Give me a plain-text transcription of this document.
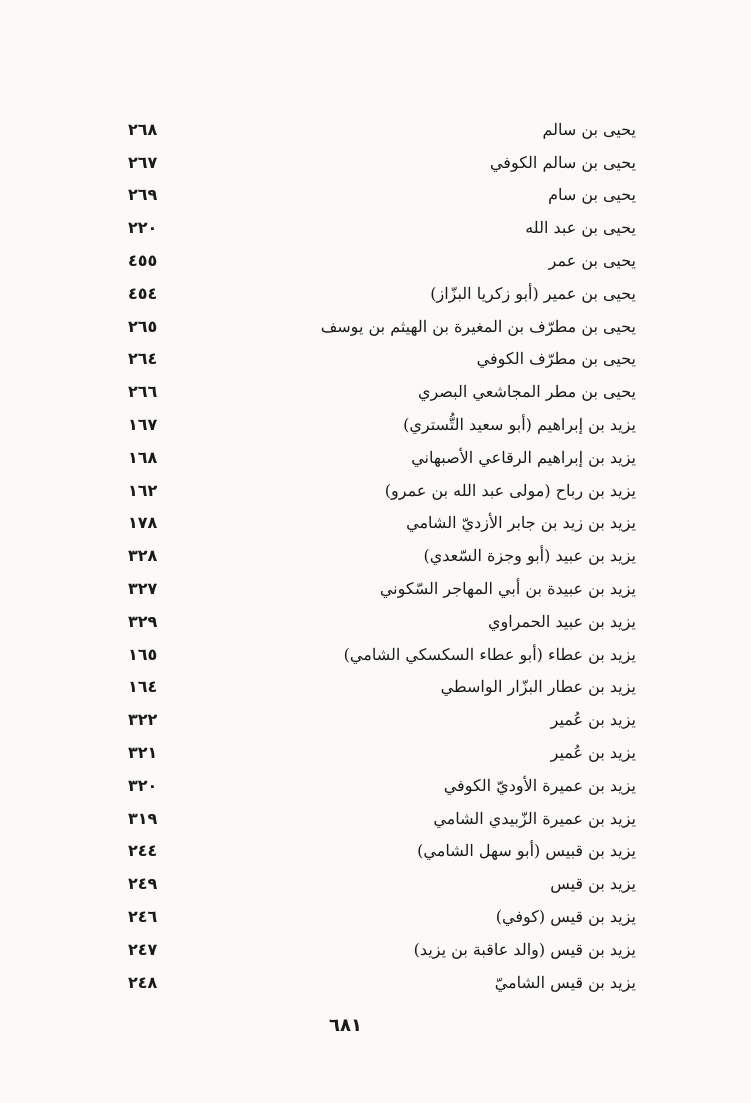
٢٦٨	يحيى بن سالم
٢٦٧	يحيى بن سالم الكوفي
٢٦٩	يحيى بن سام
٢٢٠	يحيى بن عبد الله
٤٥٥	يحيى بن عمر
٤٥٤	يحيى بن عمير (أبو زكريا البزّاز)
٢٦٥	يحيى بن مطرّف بن المغيرة بن الهيثم بن يوسف
٢٦٤	يحيى بن مطرّف الكوفي
٢٦٦	يحيى بن مطر المجاشعي البصري
١٦٧	يزيد بن إبراهيم (أبو سعيد التُّستري)
١٦٨	يزيد بن إبراهيم الرقاعي الأصبهاني
١٦٢	يزيد بن رباح (مولى عبد الله بن عمرو)
١٧٨	يزيد بن زيد بن جابر الأزديّ الشامي
٣٢٨	يزيد بن عبيد (أبو وجزة السّعدي)
٣٢٧	يزيد بن عبيدة بن أبي المهاجر السّكوني
٣٢٩	يزيد بن عبيد الحمراوي
١٦٥	يزيد بن عطاء (أبو عطاء السكسكي الشامي)
١٦٤	يزيد بن عطار البزّار الواسطي
٣٢٢	يزيد بن عُمير
٣٢١	يزيد بن عُمير
٣٢٠	يزيد بن عميرة الأوديّ الكوفي
٣١٩	يزيد بن عميرة الزّبيدي الشامي
٢٤٤	يزيد بن قبيس (أبو سهل الشامي)
٢٤٩	يزيد بن قيس
٢٤٦	يزيد بن قيس (كوفي)
٢٤٧	يزيد بن قيس (والد عاقبة بن يزيد)
٢٤٨	يزيد بن قيس الشاميّ
٦٨١
